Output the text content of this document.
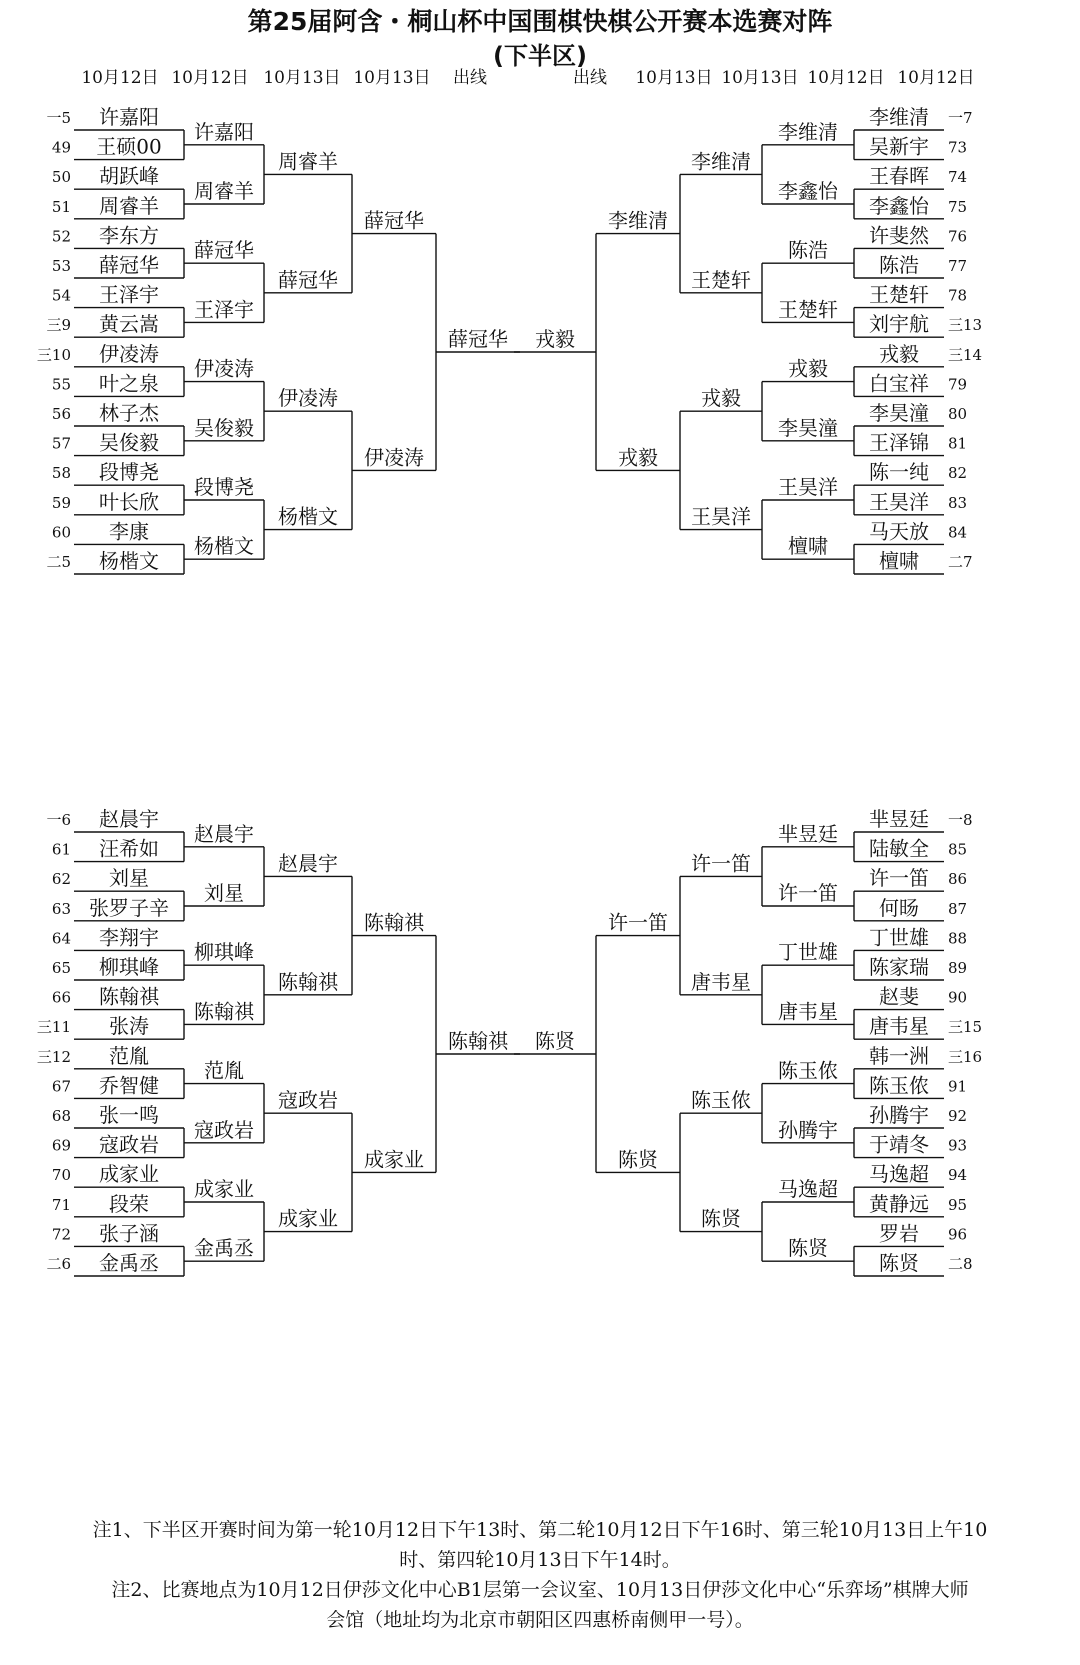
第25届阿含・桐山杯中国围棋快棋公开赛本选赛对阵
(下半区)
10月12日 10月12日 10月13日 10月13日 出线	出线 10月13日 10月13日 10月12日 10月12日
许嘉阳
一5
王硕00
49
胡跃峰
50
周睿羊
51
李东方
52
薛冠华
53
王泽宇
54
黄云嵩
三9
伊凌涛
三10
叶之泉
55
林子杰
56
吴俊毅
57
段博尧
58
叶长欣
59
李康
60
杨楷文
二5
赵晨宇
一6
汪希如
61
刘星
62
张罗子辛
63
李翔宇
64
柳琪峰
65
陈翰祺
66
张涛
三11
范胤
三12
乔智健
67
张一鸣
68
寇政岩
69
成家业
70
段荣
71
张子涵
72
金禹丞
二6
许嘉阳
周睿羊
薛冠华
王泽宇
伊凌涛
吴俊毅
段博尧
杨楷文
赵晨宇
刘星
柳琪峰
陈翰祺
范胤
寇政岩
成家业
金禹丞
周睿羊
薛冠华
伊凌涛
杨楷文
赵晨宇
陈翰祺
寇政岩
成家业
薛冠华
伊凌涛
陈翰祺
成家业
薛冠华
陈翰祺
李维清 一7
吴新宇 73
王春晖 74
李鑫怡 75
许斐然 76
陈浩 77
王楚轩 78
刘宇航 三13
戎毅 三14
白宝祥 79
李昊潼 80
王泽锦 81
陈一纯 82
王昊洋 83
马天放 84
檀啸 二7
芈昱廷 一8
陆敏全 85
许一笛 86
何旸 87
丁世雄 88
陈家瑞 89
赵斐 90
唐韦星 三15
韩一洲 三16
陈玉侬 91
孙腾宇 92
于靖冬 93
马逸超 94
黄静远 95
罗岩 96
陈贤 二8
李维清
李鑫怡
陈浩
王楚轩
戎毅
李昊潼
王昊洋
檀啸
芈昱廷
许一笛
丁世雄
唐韦星
陈玉侬
孙腾宇
马逸超
陈贤
李维清
王楚轩
戎毅
王昊洋
许一笛
唐韦星
陈玉侬
陈贤
李维清
戎毅
许一笛
陈贤
戎毅
陈贤
注1、下半区开赛时间为第一轮10月12日下午13时、第二轮10月12日下午16时、第三轮10月13日上午10
时、第四轮10月13日下午14时。
注2、比赛地点为10月12日伊莎文化中心B1层第一会议室、10月13日伊莎文化中心“乐弈场”棋牌大师
会馆（地址均为北京市朝阳区四惠桥南侧甲一号）。
